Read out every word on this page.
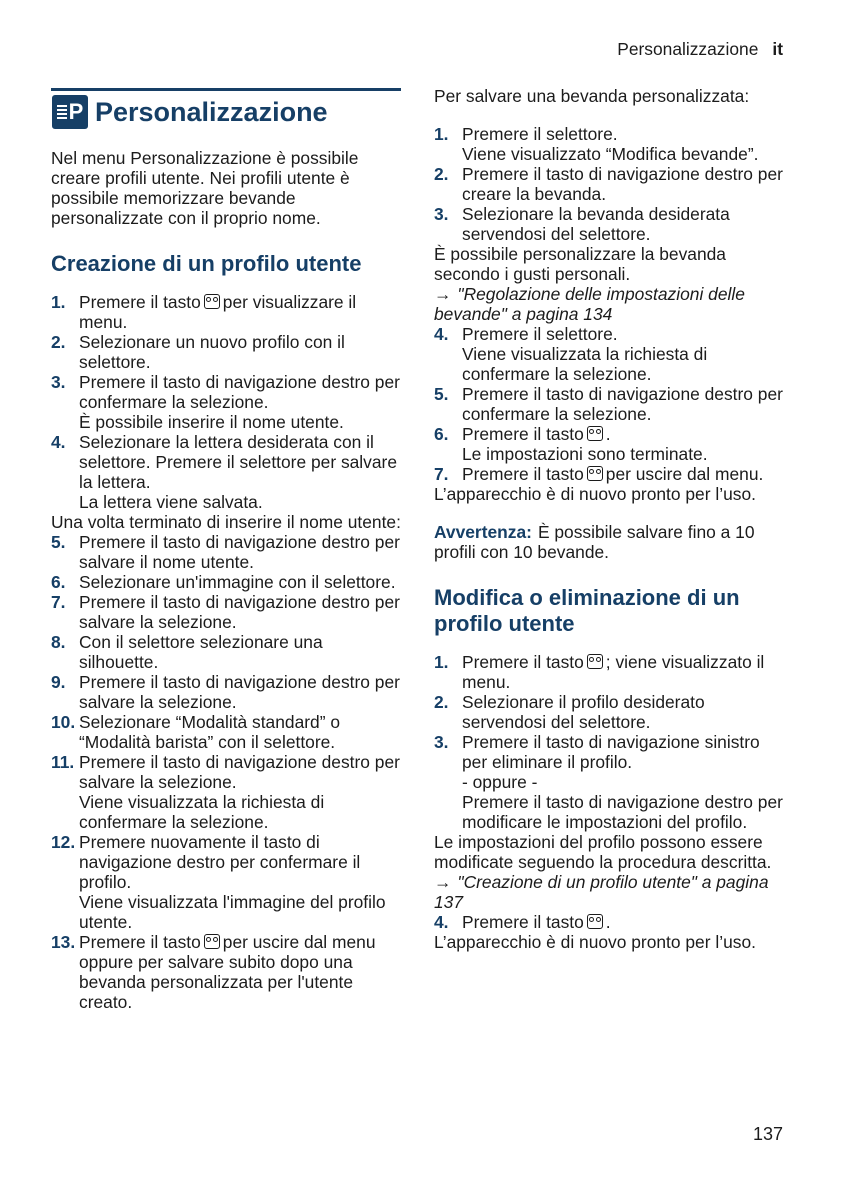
Personalizzazione it
P Personalizzazione

Nel menu Personalizzazione è possibile creare profili utente. Nei profili utente è possibile memorizzare bevande personalizzate con il proprio nome.

Creazione di un profilo utente
1. Premere il tasto per visualizzare il menu.
2. Selezionare un nuovo profilo con il selettore.
3. Premere il tasto di navigazione destro per confermare la selezione.
È possibile inserire il nome utente.
4. Selezionare la lettera desiderata con il selettore. Premere il selettore per salvare la lettera.
La lettera viene salvata.

Una volta terminato di inserire il nome utente:

5. Premere il tasto di navigazione destro per salvare il nome utente.
6. Selezionare un'immagine con il selettore.
7. Premere il tasto di navigazione destro per salvare la selezione.
8. Con il selettore selezionare una silhouette.
9. Premere il tasto di navigazione destro per salvare la selezione.
10. Selezionare “Modalità standard” o “Modalità barista” con il selettore.
11. Premere il tasto di navigazione destro per salvare la selezione.
Viene visualizzata la richiesta di confermare la selezione.
12. Premere nuovamente il tasto di navigazione destro per confermare il profilo.
Viene visualizzata l'immagine del profilo utente.
13. Premere il tasto per uscire dal menu oppure per salvare subito dopo una bevanda personalizzata per l'utente creato.

Per salvare una bevanda personalizzata:

1. Premere il selettore.
Viene visualizzato “Modifica bevande”.
2. Premere il tasto di navigazione destro per creare la bevanda.
3. Selezionare la bevanda desiderata servendosi del selettore.

È possibile personalizzare la bevanda secondo i gusti personali.

→ "Regolazione delle impostazioni delle bevande" a pagina 134

4. Premere il selettore.
Viene visualizzata la richiesta di confermare la selezione.
5. Premere il tasto di navigazione destro per confermare la selezione.
6. Premere il tasto .
Le impostazioni sono terminate.
7. Premere il tasto per uscire dal menu.

L’apparecchio è di nuovo pronto per l’uso.

Avvertenza: È possibile salvare fino a 10 profili con 10 bevande.

Modifica o eliminazione di un profilo utente
1. Premere il tasto ; viene visualizzato il menu.
2. Selezionare il profilo desiderato servendosi del selettore.
3. Premere il tasto di navigazione sinistro per eliminare il profilo.
- oppure -
Premere il tasto di navigazione destro per modificare le impostazioni del profilo.

Le impostazioni del profilo possono essere modificate seguendo la procedura descritta. → "Creazione di un profilo utente" a pagina 137

4. Premere il tasto .

L’apparecchio è di nuovo pronto per l’uso.

137
